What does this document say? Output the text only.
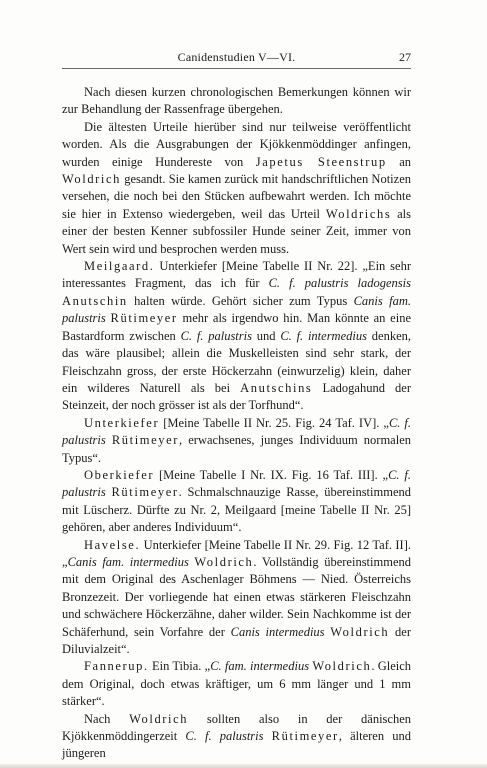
Canidenstudien V—VI.	27

Nach diesen kurzen chronologischen Bemerkungen können wir zur Behandlung der Rassenfrage übergehen.

Die ältesten Urteile hierüber sind nur teilweise veröffentlicht worden. Als die Ausgrabungen der Kjökkenmöddinger anfingen, wurden einige Hundereste von Japetus Steenstrup an Woldrich gesandt. Sie kamen zurück mit handschriftlichen Notizen versehen, die noch bei den Stücken aufbewahrt werden. Ich möchte sie hier in Extenso wiedergeben, weil das Urteil Woldrichs als einer der besten Kenner subfossiler Hunde seiner Zeit, immer von Wert sein wird und besprochen werden muss.

Meilgaard. Unterkiefer [Meine Tabelle II Nr. 22]. „Ein sehr interessantes Fragment, das ich für C. f. palustris ladogensis Anutschin halten würde. Gehört sicher zum Typus Canis fam. palustris Rütimeyer mehr als irgendwo hin. Man könnte an eine Bastardform zwischen C. f. palustris und C. f. intermedius denken, das wäre plausibel; allein die Muskelleisten sind sehr stark, der Fleischzahn gross, der erste Höckerzahn (einwurzelig) klein, daher ein wilderes Naturell als bei Anutschins Ladogahund der Steinzeit, der noch grösser ist als der Torfhund“.

Unterkiefer [Meine Tabelle II Nr. 25. Fig. 24 Taf. IV]. „C. f. palustris Rütimeyer, erwachsenes, junges Individuum normalen Typus“.

Oberkiefer [Meine Tabelle I Nr. IX. Fig. 16 Taf. III]. „C. f. palustris Rütimeyer. Schmalschnauzige Rasse, übereinstimmend mit Lüscherz. Dürfte zu Nr. 2, Meilgaard [meine Tabelle II Nr. 25] gehören, aber anderes Individuum“.

Havelse. Unterkiefer [Meine Tabelle II Nr. 29. Fig. 12 Taf. II]. „Canis fam. intermedius Woldrich. Vollständig übereinstimmend mit dem Original des Aschenlager Böhmens — Nied. Österreichs Bronzezeit. Der vorliegende hat einen etwas stärkeren Fleischzahn und schwächere Höckerzähne, daher wilder. Sein Nachkomme ist der Schäferhund, sein Vorfahre der Canis intermedius Woldrich der Diluvialzeit“.

Fannerup. Ein Tibia. „C. fam. intermedius Woldrich. Gleich dem Original, doch etwas kräftiger, um 6 mm länger und 1 mm stärker“.

Nach Woldrich sollten also in der dänischen Kjökkenmöddingerzeit C. f. palustris Rütimeyer, älteren und jüngeren
